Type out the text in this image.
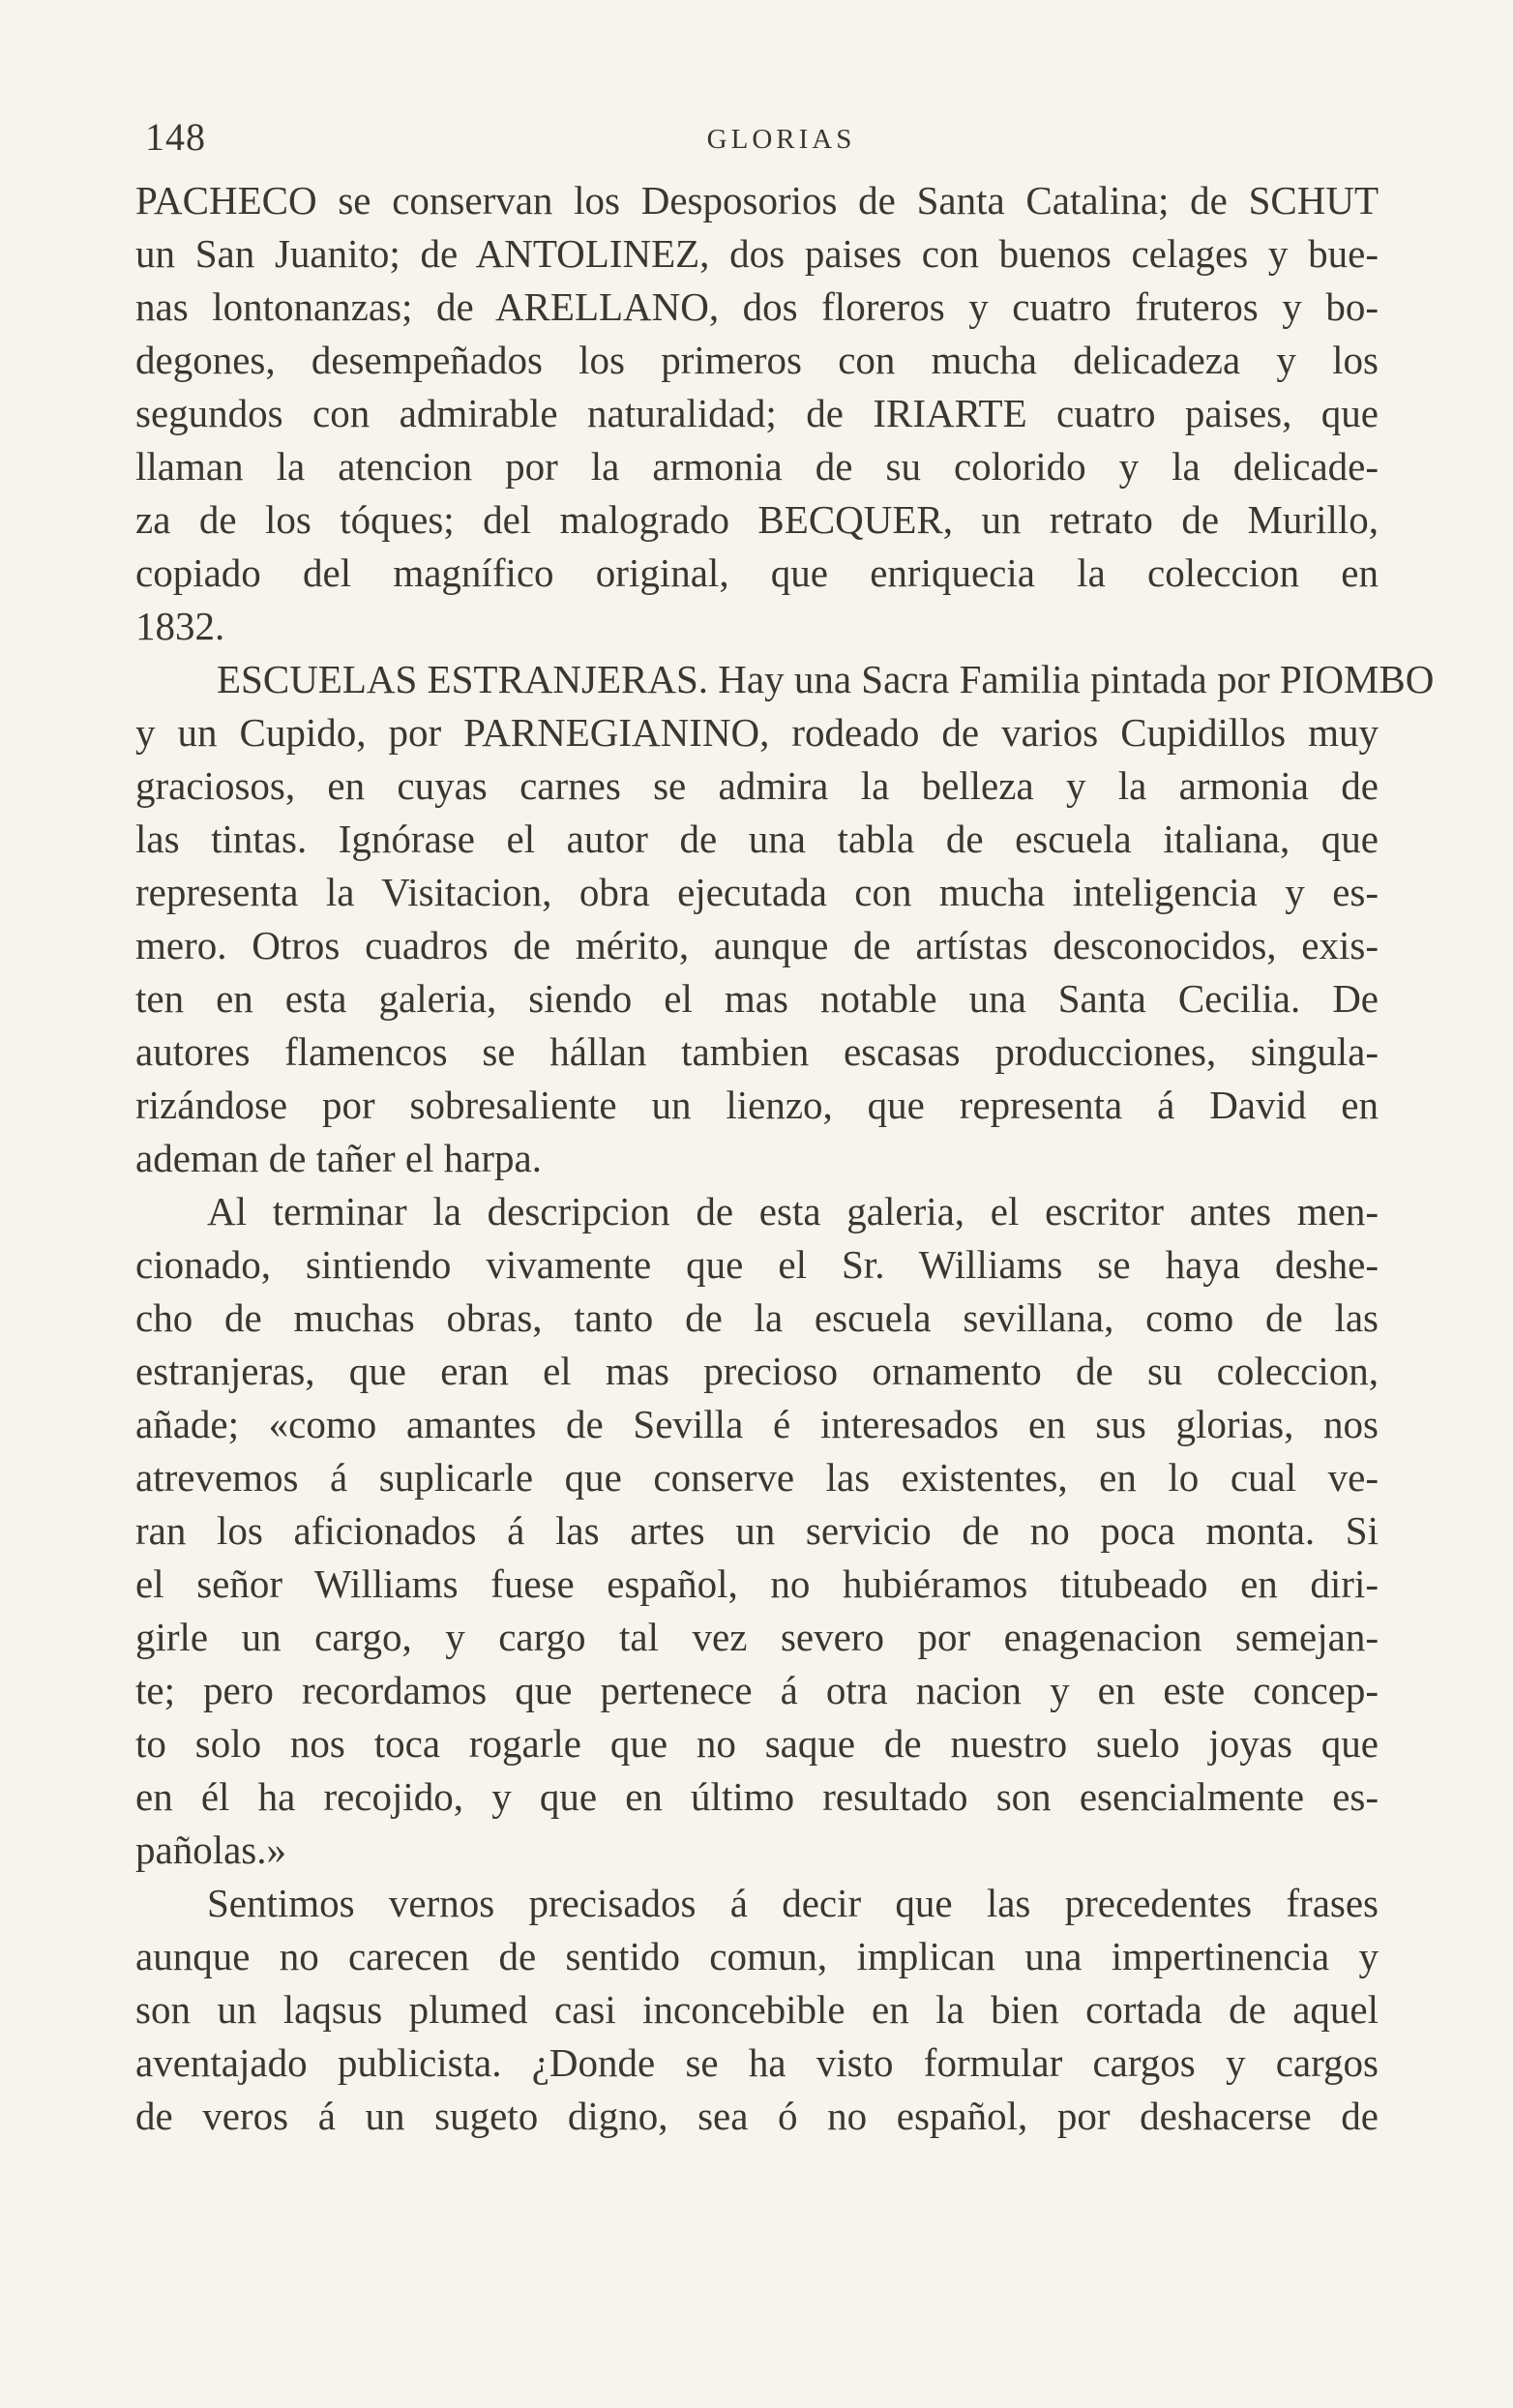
148	GLORIAS
PACHECO se conservan los Desposorios de Santa Catalina; de SCHUT
un San Juanito; de ANTOLINEZ, dos paises con buenos celages y bue-
nas lontonanzas; de ARELLANO, dos floreros y cuatro fruteros y bo-
degones, desempeñados los primeros con mucha delicadeza y los
segundos con admirable naturalidad; de IRIARTE cuatro paises, que
llaman la atencion por la armonia de su colorido y la delicade-
za de los tóques; del malogrado BECQUER, un retrato de Murillo,
copiado del magnífico original, que enriquecia la coleccion en
1832.
ESCUELAS ESTRANJERAS. Hay una Sacra Familia pintada por PIOMBO
y un Cupido, por PARNEGIANINO, rodeado de varios Cupidillos muy
graciosos, en cuyas carnes se admira la belleza y la armonia de
las tintas. Ignórase el autor de una tabla de escuela italiana, que
representa la Visitacion, obra ejecutada con mucha inteligencia y es-
mero. Otros cuadros de mérito, aunque de artístas desconocidos, exis-
ten en esta galeria, siendo el mas notable una Santa Cecilia. De
autores flamencos se hállan tambien escasas producciones, singula-
rizándose por sobresaliente un lienzo, que representa á David en
ademan de tañer el harpa.
Al terminar la descripcion de esta galeria, el escritor antes men-
cionado, sintiendo vivamente que el Sr. Williams se haya deshe-
cho de muchas obras, tanto de la escuela sevillana, como de las
estranjeras, que eran el mas precioso ornamento de su coleccion,
añade; «como amantes de Sevilla é interesados en sus glorias, nos
atrevemos á suplicarle que conserve las existentes, en lo cual ve-
ran los aficionados á las artes un servicio de no poca monta. Si
el señor Williams fuese español, no hubiéramos titubeado en diri-
girle un cargo, y cargo tal vez severo por enagenacion semejan-
te; pero recordamos que pertenece á otra nacion y en este concep-
to solo nos toca rogarle que no saque de nuestro suelo joyas que
en él ha recojido, y que en último resultado son esencialmente es-
pañolas.»
Sentimos vernos precisados á decir que las precedentes frases
aunque no carecen de sentido comun, implican una impertinencia y
son un laqsus plumed casi inconcebible en la bien cortada de aquel
aventajado publicista. ¿Donde se ha visto formular cargos y cargos
de veros á un sugeto digno, sea ó no español, por deshacerse de
